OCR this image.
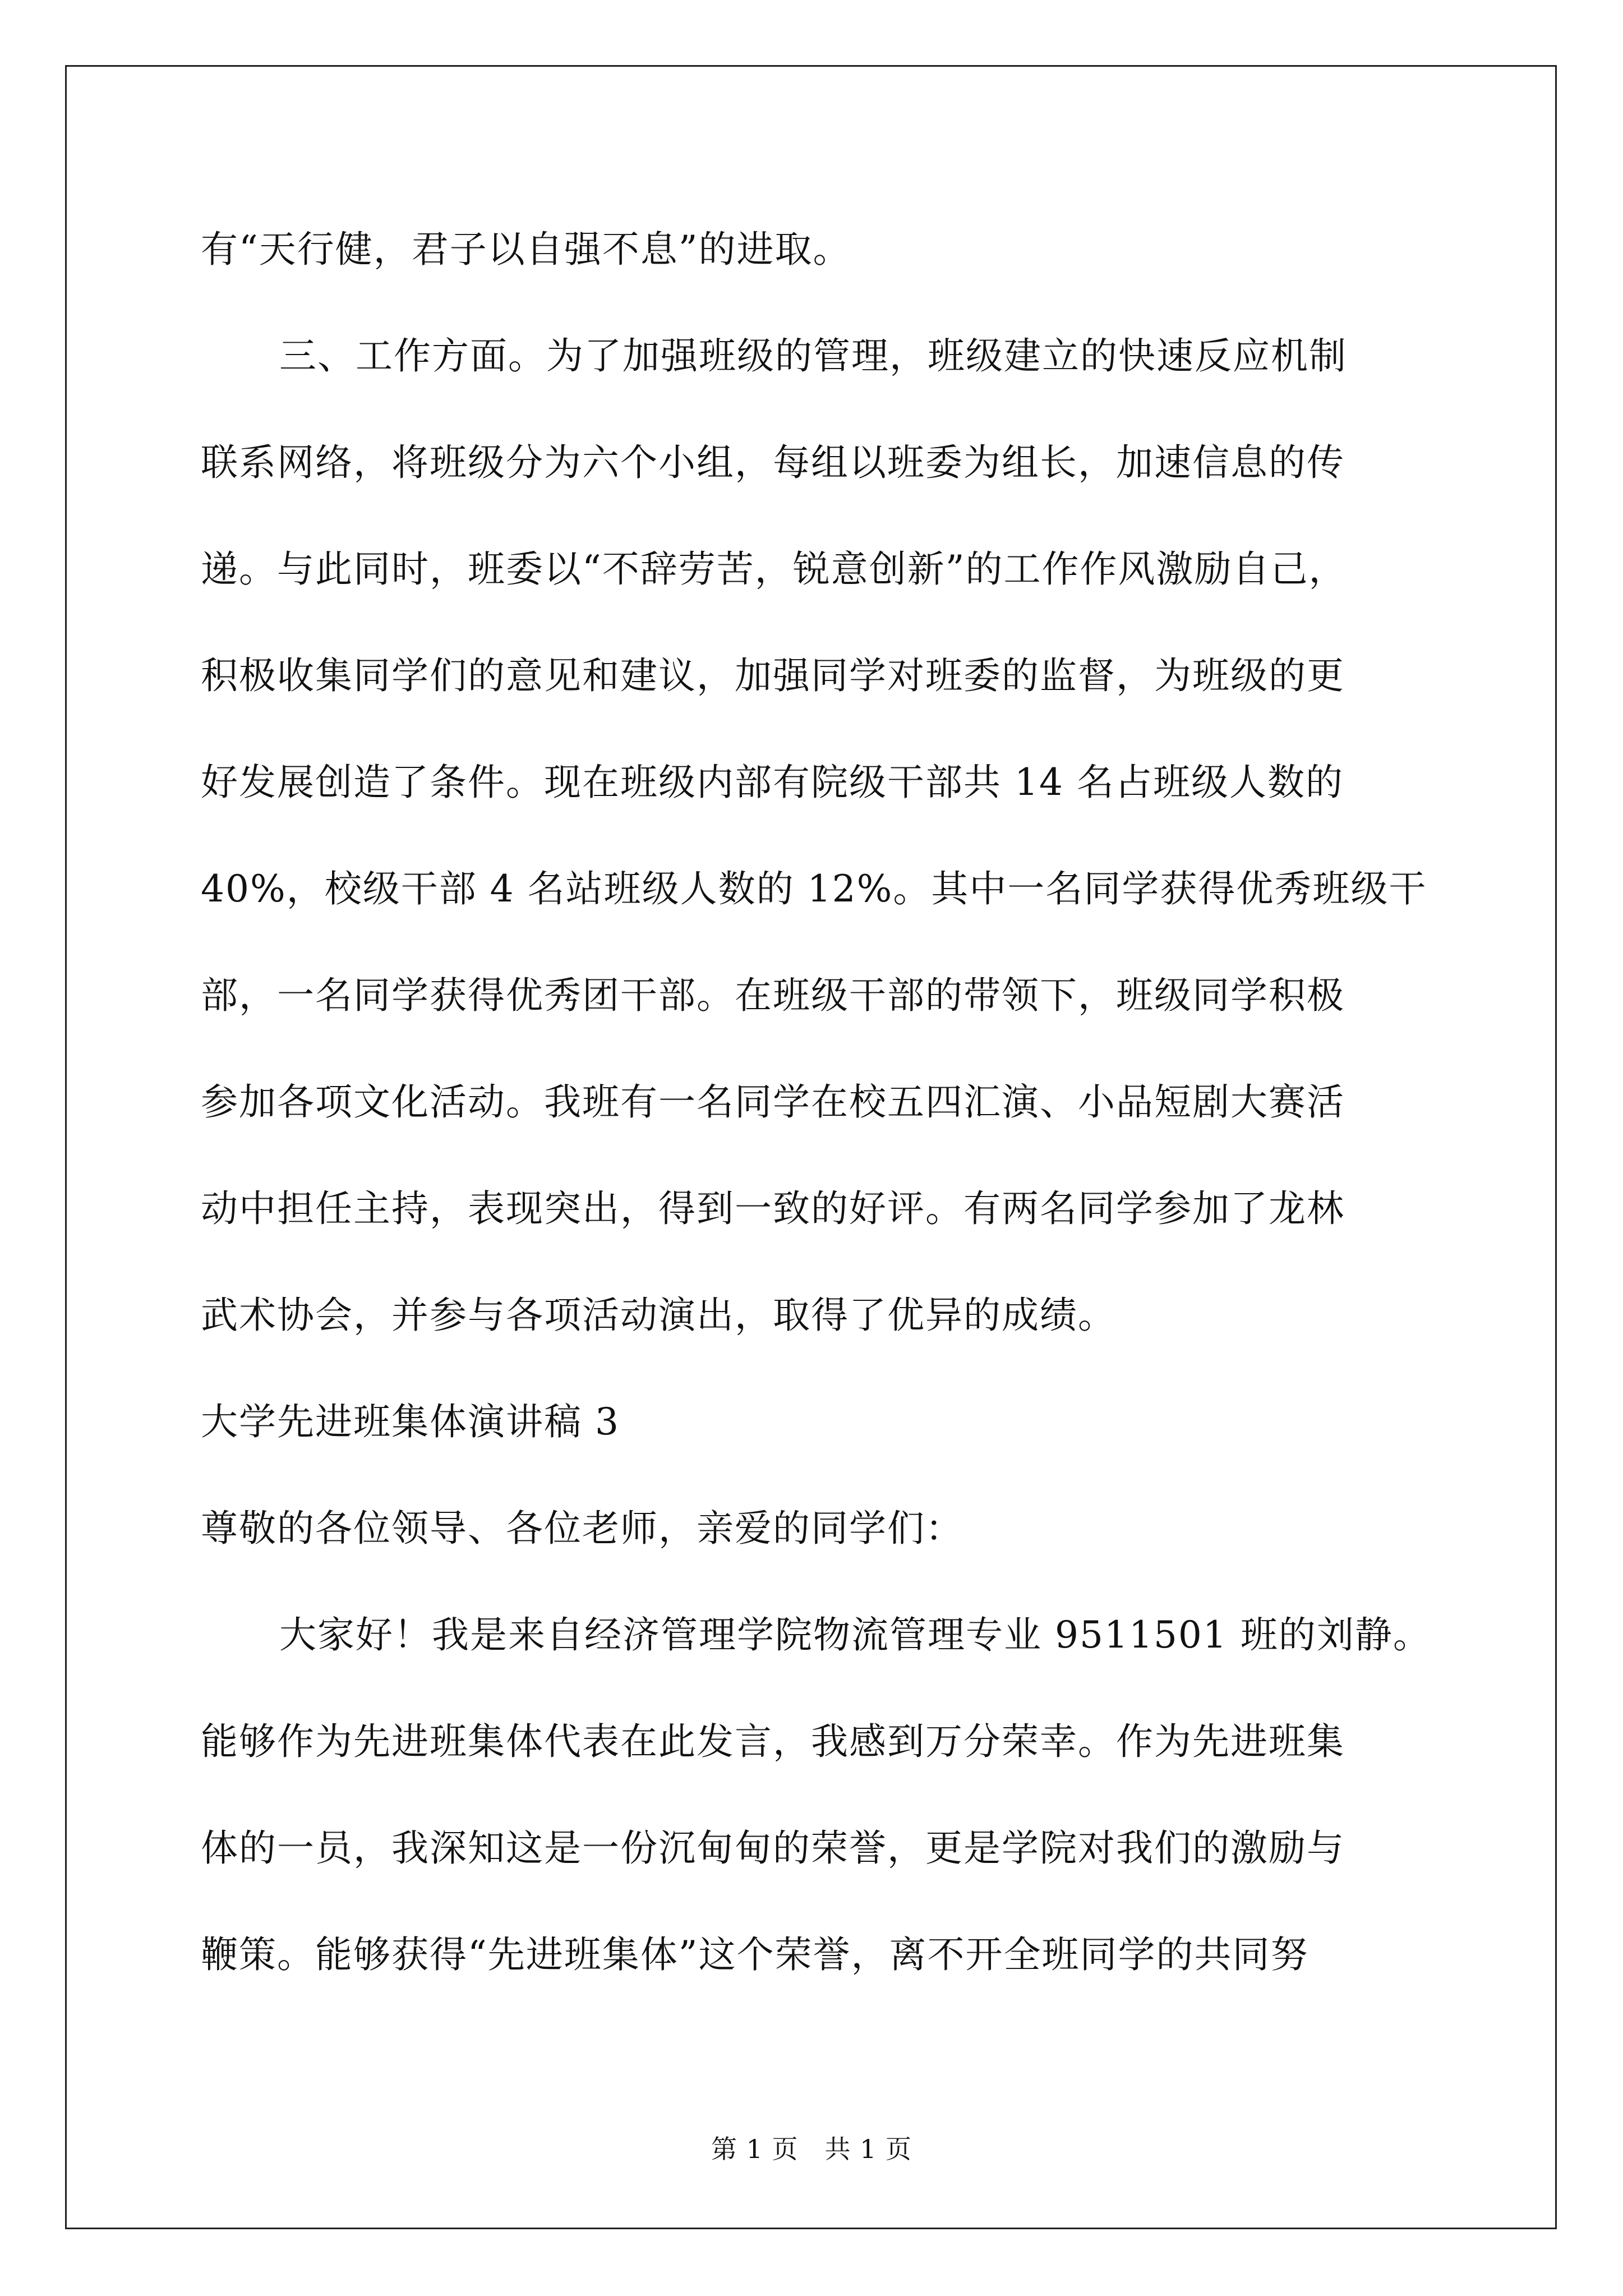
有“天行健，君子以自强不息”的进取。
三、工作方面。为了加强班级的管理，班级建立的快速反应机制
联系网络，将班级分为六个小组，每组以班委为组长，加速信息的传
递。与此同时，班委以“不辞劳苦，锐意创新”的工作作风激励自己，
积极收集同学们的意见和建议，加强同学对班委的监督，为班级的更
好发展创造了条件。现在班级内部有院级干部共 14 名占班级人数的
40%，校级干部 4 名站班级人数的 12%。其中一名同学获得优秀班级干
部，一名同学获得优秀团干部。在班级干部的带领下，班级同学积极
参加各项文化活动。我班有一名同学在校五四汇演、小品短剧大赛活
动中担任主持，表现突出，得到一致的好评。有两名同学参加了龙林
武术协会，并参与各项活动演出，取得了优异的成绩。
大学先进班集体演讲稿 3
尊敬的各位领导、各位老师，亲爱的同学们：
大家好！我是来自经济管理学院物流管理专业 9511501 班的刘静。
能够作为先进班集体代表在此发言，我感到万分荣幸。作为先进班集
体的一员，我深知这是一份沉甸甸的荣誉，更是学院对我们的激励与
鞭策。能够获得“先进班集体”这个荣誉，离不开全班同学的共同努
第 1 页　共 1 页
